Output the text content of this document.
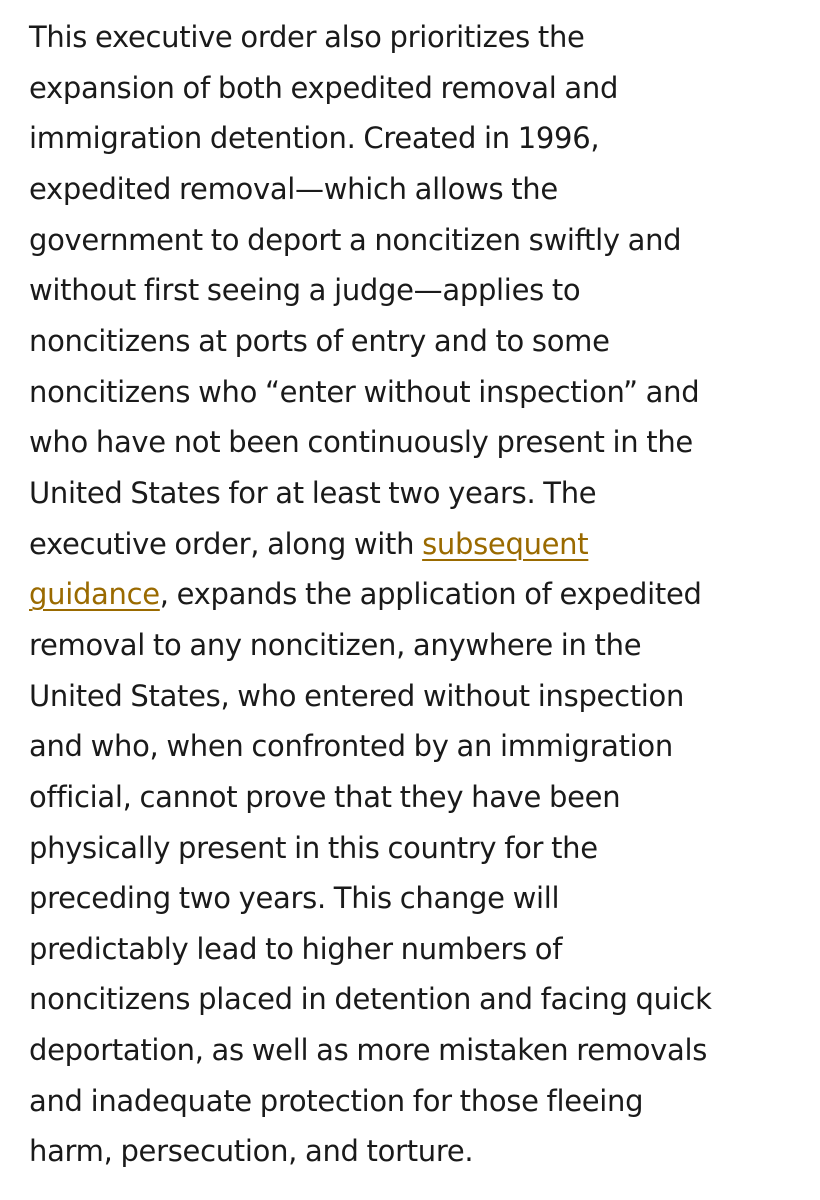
This executive order also prioritizes the
expansion of both expedited removal and
immigration detention. Created in 1996,
expedited removal—which allows the
government to deport a noncitizen swiftly and
without first seeing a judge—applies to
noncitizens at ports of entry and to some
noncitizens who “enter without inspection” and
who have not been continuously present in the
United States for at least two years. The
executive order, along with subsequent
guidance, expands the application of expedited
removal to any noncitizen, anywhere in the
United States, who entered without inspection
and who, when confronted by an immigration
official, cannot prove that they have been
physically present in this country for the
preceding two years. This change will
predictably lead to higher numbers of
noncitizens placed in detention and facing quick
deportation, as well as more mistaken removals
and inadequate protection for those fleeing
harm, persecution, and torture.
